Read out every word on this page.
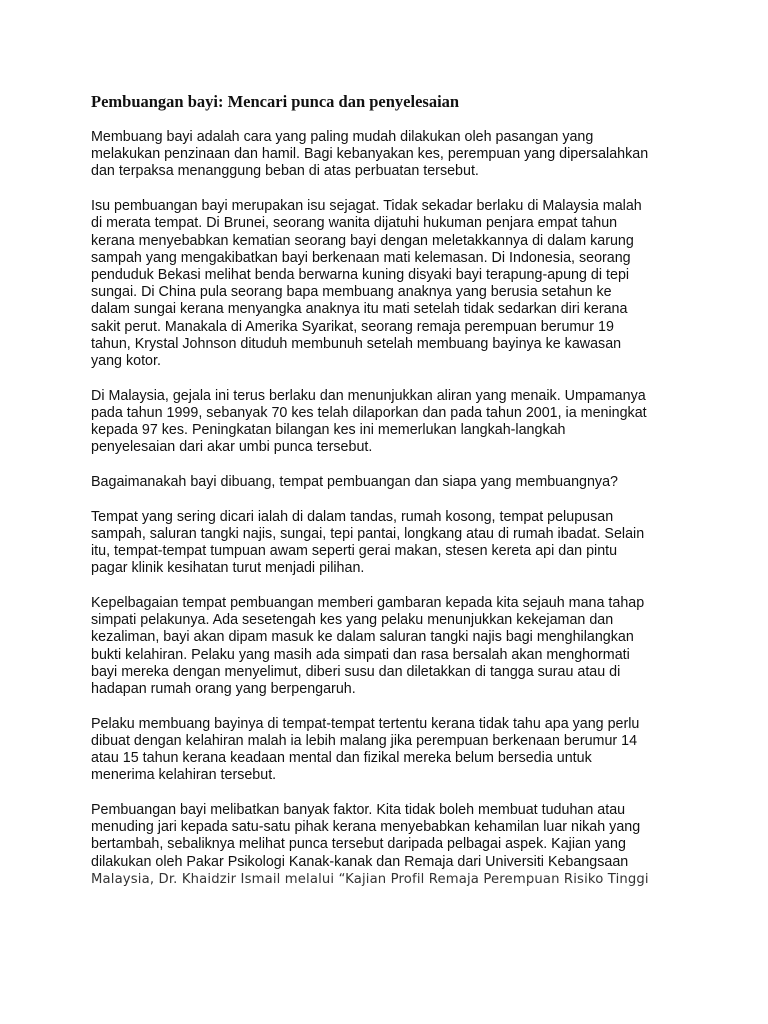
Pembuangan bayi: Mencari punca dan penyelesaian
Membuang bayi adalah cara yang paling mudah dilakukan oleh pasangan yang
melakukan penzinaan dan hamil. Bagi kebanyakan kes, perempuan yang dipersalahkan
dan terpaksa menanggung beban di atas perbuatan tersebut.
Isu pembuangan bayi merupakan isu sejagat. Tidak sekadar berlaku di Malaysia malah
di merata tempat. Di Brunei, seorang wanita dijatuhi hukuman penjara empat tahun
kerana menyebabkan kematian seorang bayi dengan meletakkannya di dalam karung
sampah yang mengakibatkan bayi berkenaan mati kelemasan. Di Indonesia, seorang
penduduk Bekasi melihat benda berwarna kuning disyaki bayi terapung-apung di tepi
sungai. Di China pula seorang bapa membuang anaknya yang berusia setahun ke
dalam sungai kerana menyangka anaknya itu mati setelah tidak sedarkan diri kerana
sakit perut. Manakala di Amerika Syarikat, seorang remaja perempuan berumur 19
tahun, Krystal Johnson dituduh membunuh setelah membuang bayinya ke kawasan
yang kotor.
Di Malaysia, gejala ini terus berlaku dan menunjukkan aliran yang menaik. Umpamanya
pada tahun 1999, sebanyak 70 kes telah dilaporkan dan pada tahun 2001, ia meningkat
kepada 97 kes. Peningkatan bilangan kes ini memerlukan langkah-langkah
penyelesaian dari akar umbi punca tersebut.
Bagaimanakah bayi dibuang, tempat pembuangan dan siapa yang membuangnya?
Tempat yang sering dicari ialah di dalam tandas, rumah kosong, tempat pelupusan
sampah, saluran tangki najis, sungai, tepi pantai, longkang atau di rumah ibadat. Selain
itu, tempat-tempat tumpuan awam seperti gerai makan, stesen kereta api dan pintu
pagar klinik kesihatan turut menjadi pilihan.
Kepelbagaian tempat pembuangan memberi gambaran kepada kita sejauh mana tahap
simpati pelakunya. Ada sesetengah kes yang pelaku menunjukkan kekejaman dan
kezaliman, bayi akan dipam masuk ke dalam saluran tangki najis bagi menghilangkan
bukti kelahiran. Pelaku yang masih ada simpati dan rasa bersalah akan menghormati
bayi mereka dengan menyelimut, diberi susu dan diletakkan di tangga surau atau di
hadapan rumah orang yang berpengaruh.
Pelaku membuang bayinya di tempat-tempat tertentu kerana tidak tahu apa yang perlu
dibuat dengan kelahiran malah ia lebih malang jika perempuan berkenaan berumur 14
atau 15 tahun kerana keadaan mental dan fizikal mereka belum bersedia untuk
menerima kelahiran tersebut.
Pembuangan bayi melibatkan banyak faktor. Kita tidak boleh membuat tuduhan atau
menuding jari kepada satu-satu pihak kerana menyebabkan kehamilan luar nikah yang
bertambah, sebaliknya melihat punca tersebut daripada pelbagai aspek. Kajian yang
dilakukan oleh Pakar Psikologi Kanak-kanak dan Remaja dari Universiti Kebangsaan
Malaysia, Dr. Khaidzir Ismail melalui “Kajian Profil Remaja Perempuan Risiko Tinggi
